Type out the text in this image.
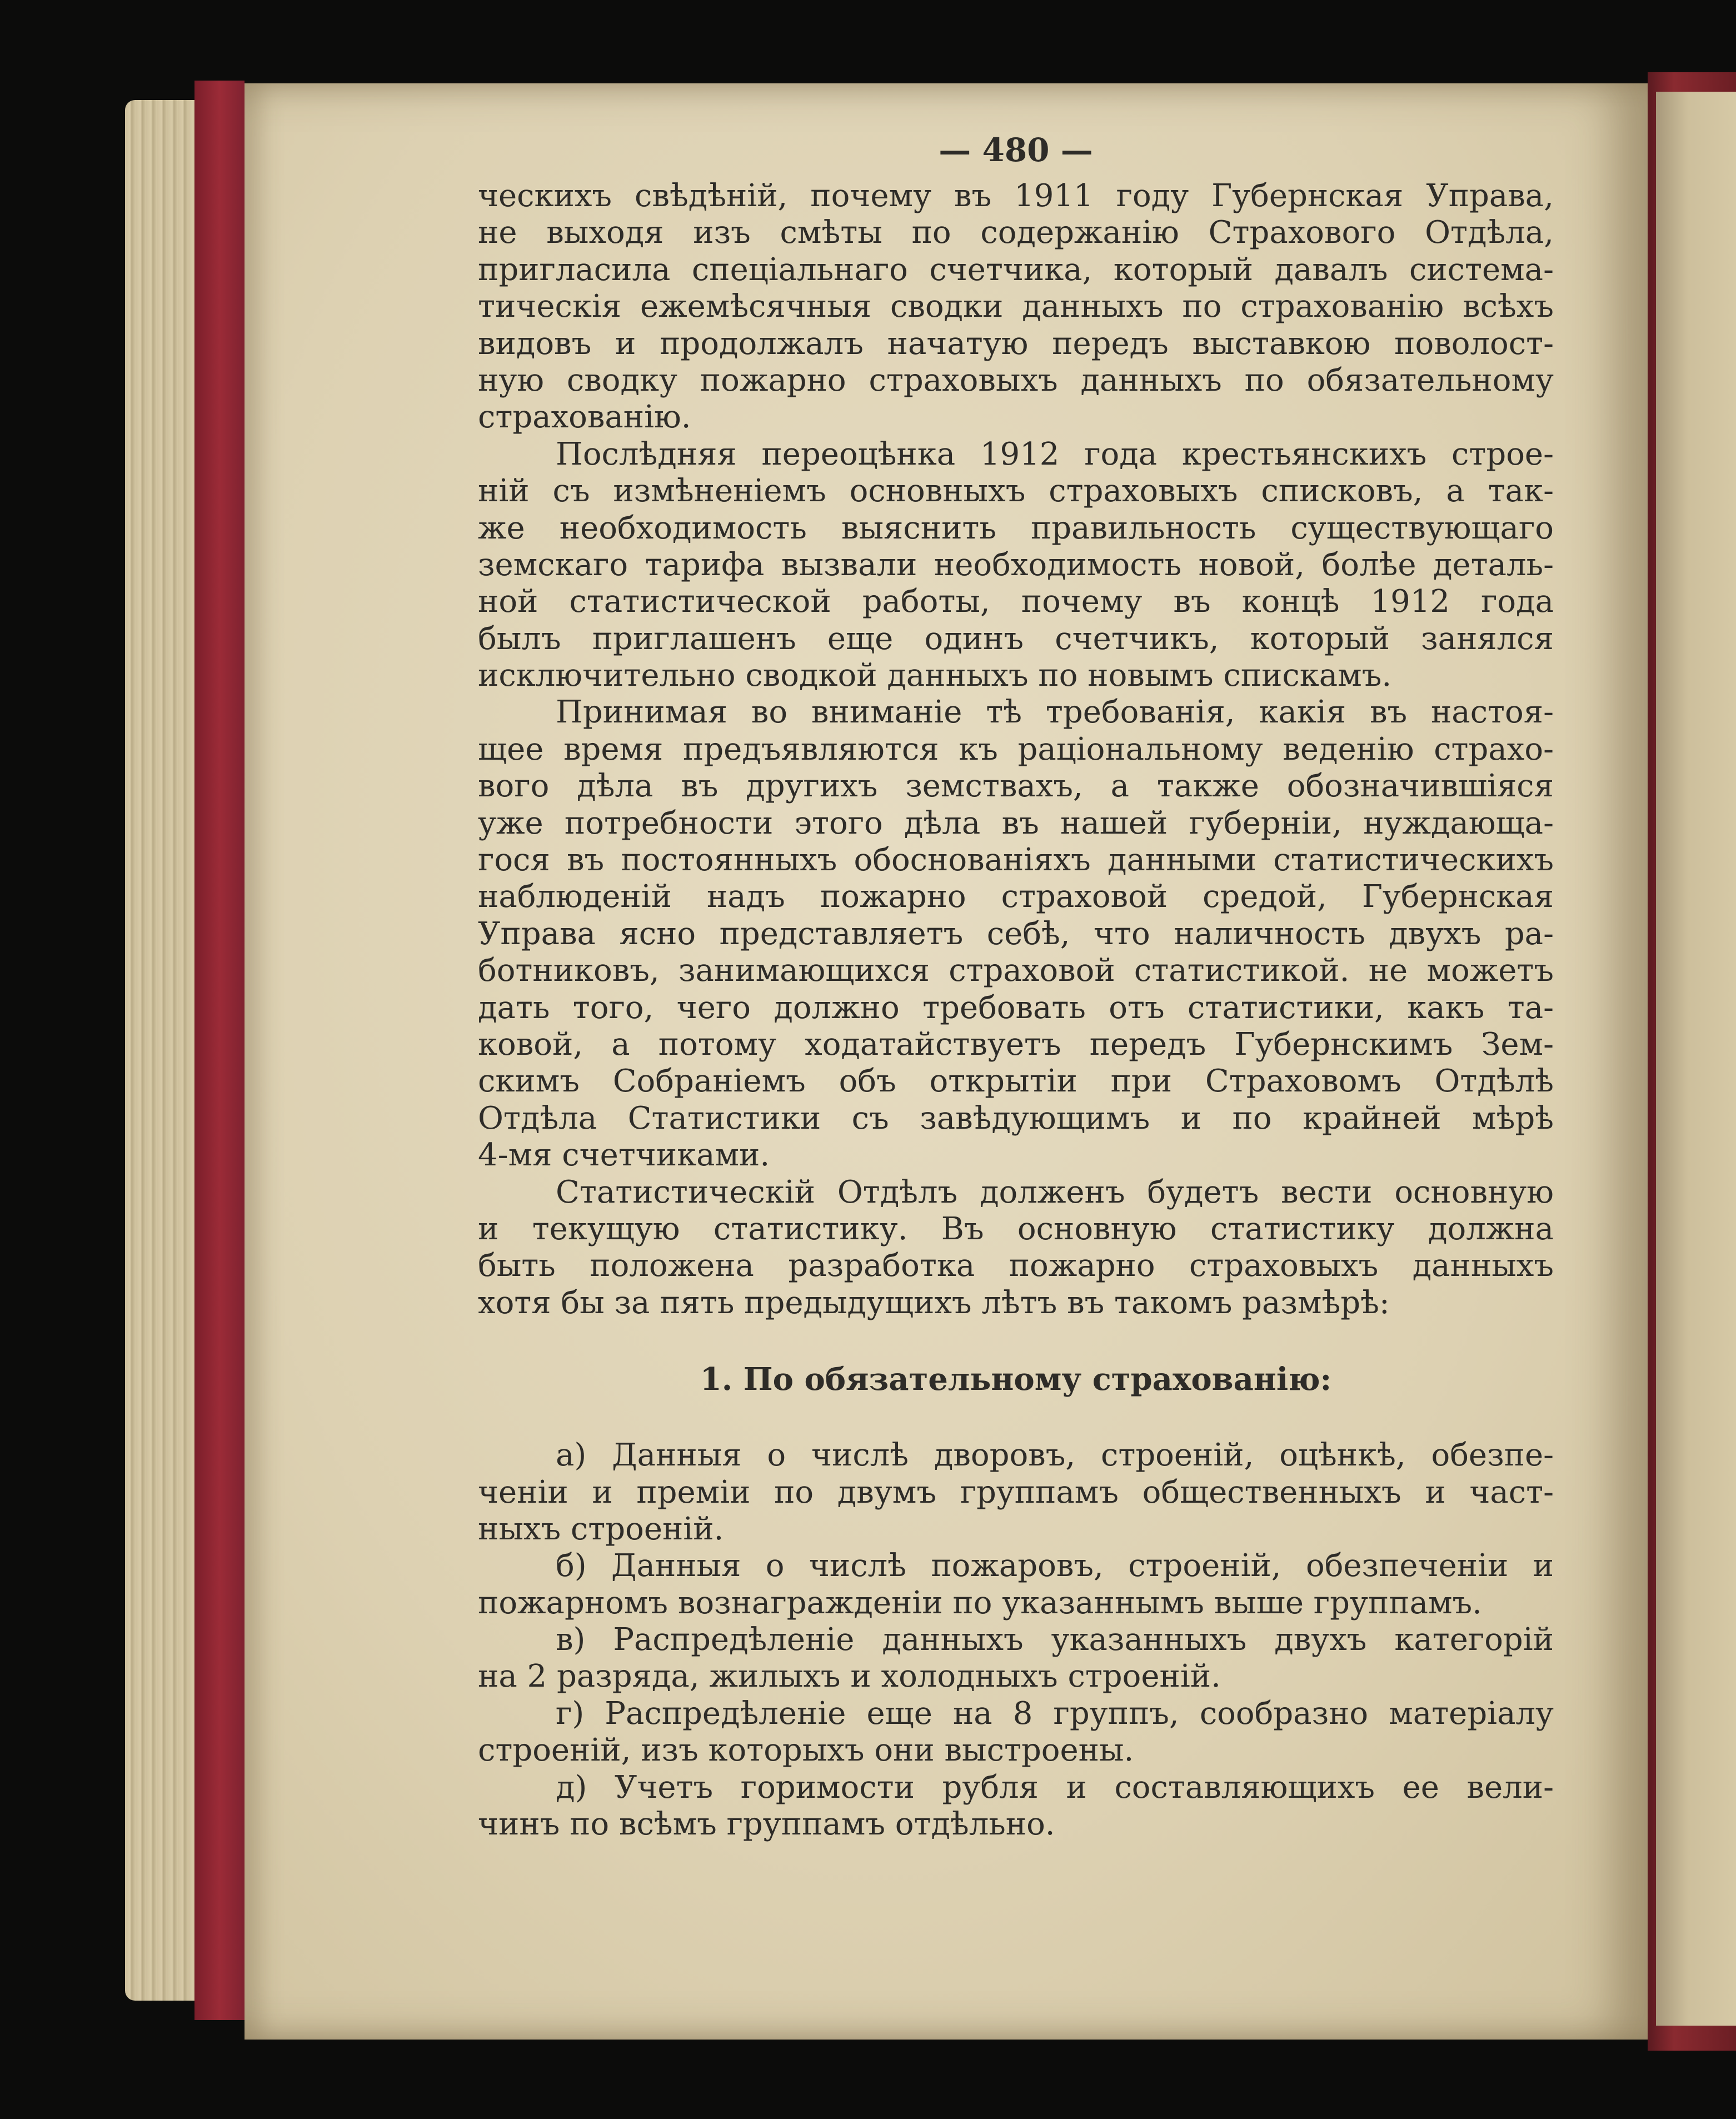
— 480 —
ческихъ свѣдѣній, почему въ 1911 году Губернская Управа,
не выходя изъ смѣты по содержанію Страхового Отдѣла,
пригласила спеціальнаго счетчика, который давалъ система-
тическія ежемѣсячныя сводки данныхъ по страхованію всѣхъ
видовъ и продолжалъ начатую передъ выставкою поволост-
ную сводку пожарно страховыхъ данныхъ по обязательному
страхованію.
Послѣдняя переоцѣнка 1912 года крестьянскихъ строе-
ній съ измѣненіемъ основныхъ страховыхъ списковъ, а так-
же необходимость выяснить правильность существующаго
земскаго тарифа вызвали необходимость новой, болѣе деталь-
ной статистической работы, почему въ концѣ 1912 года
былъ приглашенъ еще одинъ счетчикъ, который занялся
исключительно сводкой данныхъ по новымъ спискамъ.
Принимая во вниманіе тѣ требованія, какія въ настоя-
щее время предъявляются къ раціональному веденію страхо-
вого дѣла въ другихъ земствахъ, а также обозначившіяся
уже потребности этого дѣла въ нашей губерніи, нуждающа-
гося въ постоянныхъ обоснованіяхъ данными статистическихъ
наблюденій надъ пожарно страховой средой, Губернская
Управа ясно представляетъ себѣ, что наличность двухъ ра-
ботниковъ, занимающихся страховой статистикой. не можетъ
дать того, чего должно требовать отъ статистики, какъ та-
ковой, а потому ходатайствуетъ передъ Губернскимъ Зем-
скимъ Собраніемъ объ открытіи при Страховомъ Отдѣлѣ
Отдѣла Статистики съ завѣдующимъ и по крайней мѣрѣ
4-мя счетчиками.
Статистическій Отдѣлъ долженъ будетъ вести основную
и текущую статистику. Въ основную статистику должна
быть положена разработка пожарно страховыхъ данныхъ
хотя бы за пять предыдущихъ лѣтъ въ такомъ размѣрѣ:
1. По обязательному страхованію:
а) Данныя о числѣ дворовъ, строеній, оцѣнкѣ, обезпе-
ченіи и преміи по двумъ группамъ общественныхъ и част-
ныхъ строеній.
б) Данныя о числѣ пожаровъ, строеній, обезпеченіи и
пожарномъ вознагражденіи по указаннымъ выше группамъ.
в) Распредѣленіе данныхъ указанныхъ двухъ категорій
на 2 разряда, жилыхъ и холодныхъ строеній.
г) Распредѣленіе еще на 8 группъ, сообразно матеріалу
строеній, изъ которыхъ они выстроены.
д) Учетъ горимости рубля и составляющихъ ее вели-
чинъ по всѣмъ группамъ отдѣльно.
